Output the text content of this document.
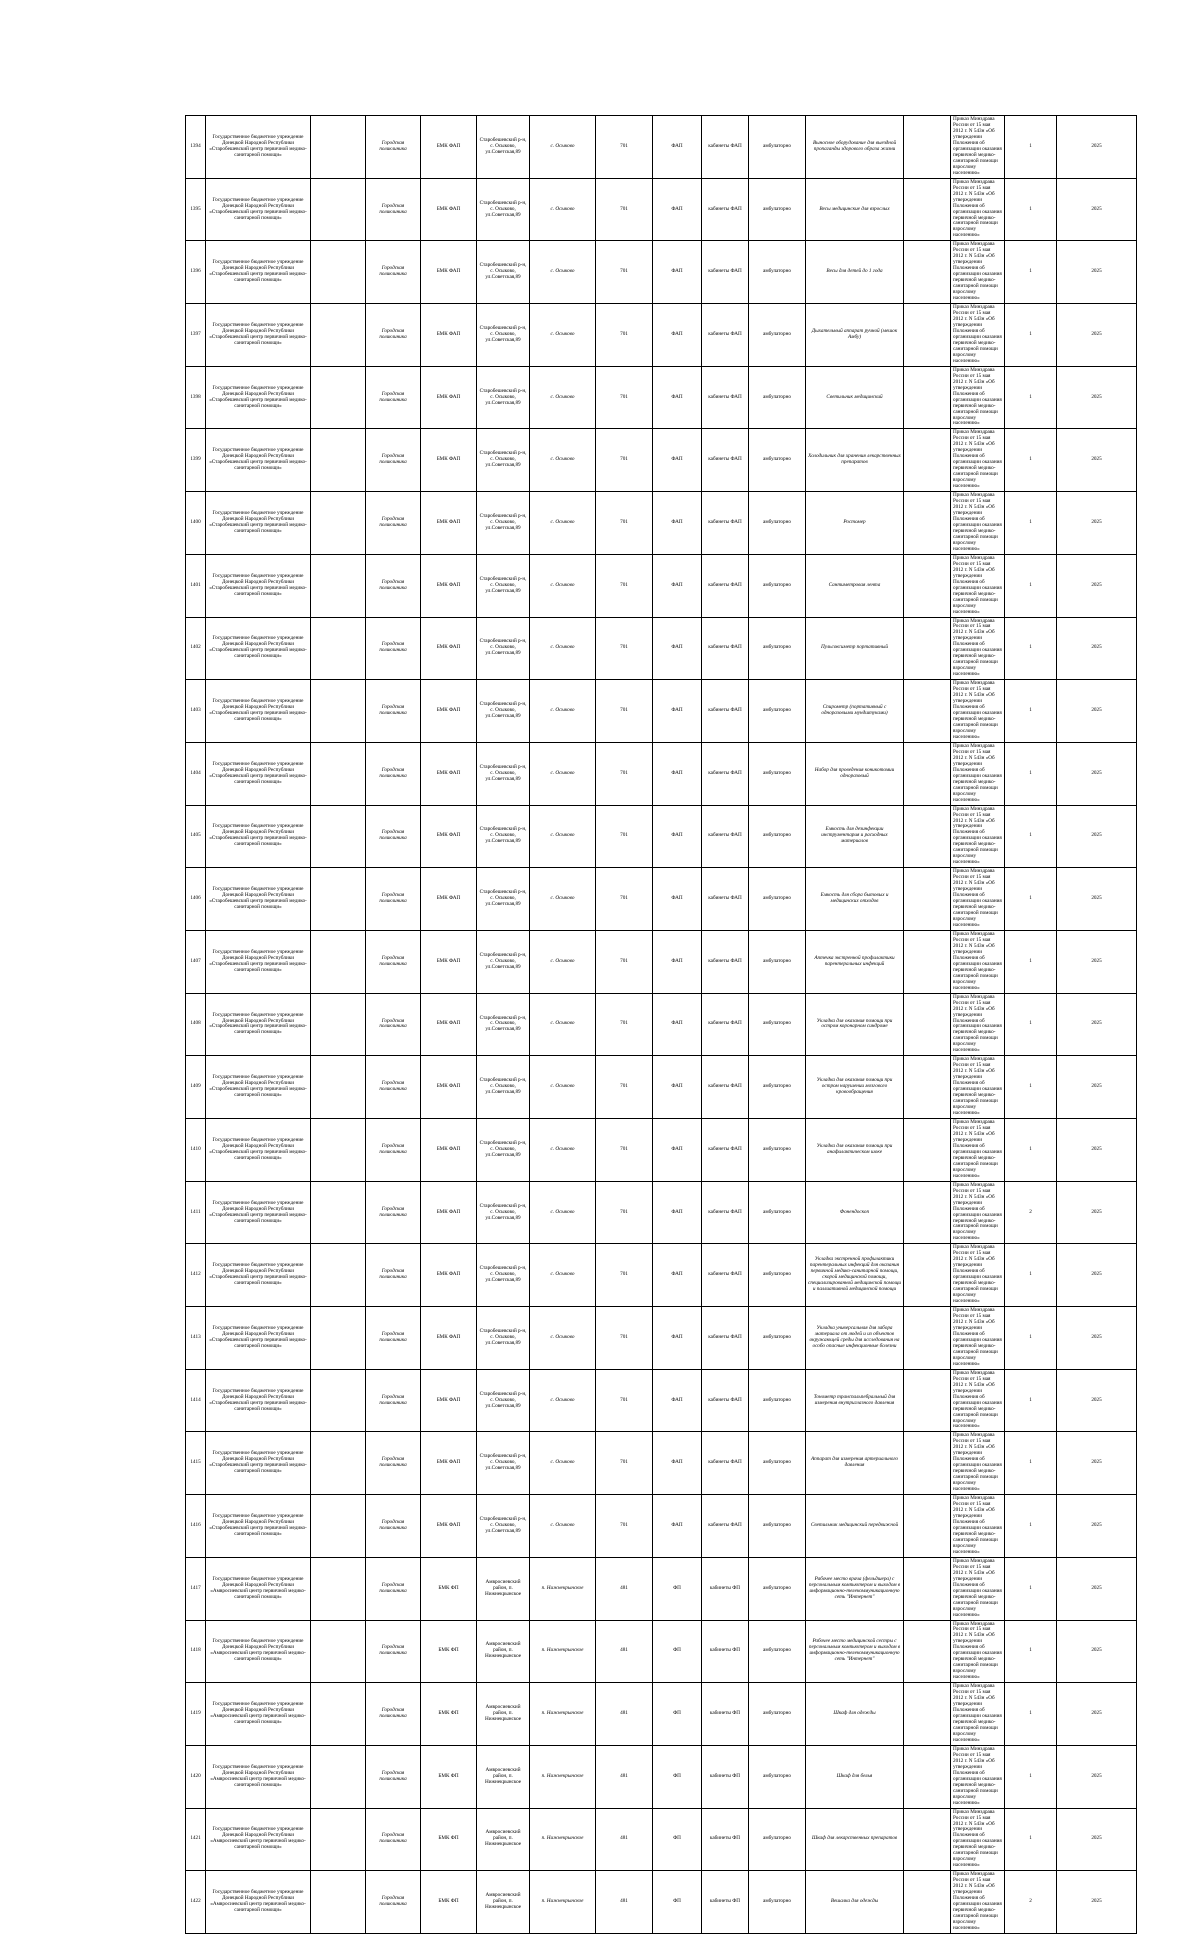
1394	Государственное бюджетное учреждение Донецкой Народной Республики «Старобешевский центр первичной медико-санитарной помощи»		Городская поликлиника	БМК ФАП	Старобешевский р-н, с. Осыково, ул.Советская,89	с. Осыково	701	ФАП	кабинеты ФАП	амбулаторно	Выносное оборудование для выездной пропаганды здорового образа жизни		Приказ Минздрава России от 15 мая 2012 г. N 543н «Об утверждении Положения об организации оказания первичной медико-санитарной помощи взрослому населению»	1	2025
1395	Государственное бюджетное учреждение Донецкой Народной Республики «Старобешевский центр первичной медико-санитарной помощи»		Городская поликлиника	БМК ФАП	Старобешевский р-н, с. Осыково, ул.Советская,89	с. Осыково	701	ФАП	кабинеты ФАП	амбулаторно	Весы медицинские для взрослых		Приказ Минздрава России от 15 мая 2012 г. N 543н «Об утверждении Положения об организации оказания первичной медико-санитарной помощи взрослому населению»	1	2025
1396	Государственное бюджетное учреждение Донецкой Народной Республики «Старобешевский центр первичной медико-санитарной помощи»		Городская поликлиника	БМК ФАП	Старобешевский р-н, с. Осыково, ул.Советская,89	с. Осыково	701	ФАП	кабинеты ФАП	амбулаторно	Весы для детей до 1 года		Приказ Минздрава России от 15 мая 2012 г. N 543н «Об утверждении Положения об организации оказания первичной медико-санитарной помощи взрослому населению»	1	2025
1397	Государственное бюджетное учреждение Донецкой Народной Республики «Старобешевский центр первичной медико-санитарной помощи»		Городская поликлиника	БМК ФАП	Старобешевский р-н, с. Осыково, ул.Советская,89	с. Осыково	701	ФАП	кабинеты ФАП	амбулаторно	Дыхательный аппарат ручной (мешок Амбу)		Приказ Минздрава России от 15 мая 2012 г. N 543н «Об утверждении Положения об организации оказания первичной медико-санитарной помощи взрослому населению»	1	2025
1398	Государственное бюджетное учреждение Донецкой Народной Республики «Старобешевский центр первичной медико-санитарной помощи»		Городская поликлиника	БМК ФАП	Старобешевский р-н, с. Осыково, ул.Советская,89	с. Осыково	701	ФАП	кабинеты ФАП	амбулаторно	Светильник медицинский		Приказ Минздрава России от 15 мая 2012 г. N 543н «Об утверждении Положения об организации оказания первичной медико-санитарной помощи взрослому населению»	1	2025
1399	Государственное бюджетное учреждение Донецкой Народной Республики «Старобешевский центр первичной медико-санитарной помощи»		Городская поликлиника	БМК ФАП	Старобешевский р-н, с. Осыково, ул.Советская,89	с. Осыково	701	ФАП	кабинеты ФАП	амбулаторно	Холодильник для хранения лекарственных препаратов		Приказ Минздрава России от 15 мая 2012 г. N 543н «Об утверждении Положения об организации оказания первичной медико-санитарной помощи взрослому населению»	1	2025
1400	Государственное бюджетное учреждение Донецкой Народной Республики «Старобешевский центр первичной медико-санитарной помощи»		Городская поликлиника	БМК ФАП	Старобешевский р-н, с. Осыково, ул.Советская,89	с. Осыково	701	ФАП	кабинеты ФАП	амбулаторно	Ростомер		Приказ Минздрава России от 15 мая 2012 г. N 543н «Об утверждении Положения об организации оказания первичной медико-санитарной помощи взрослому населению»	1	2025
1401	Государственное бюджетное учреждение Донецкой Народной Республики «Старобешевский центр первичной медико-санитарной помощи»		Городская поликлиника	БМК ФАП	Старобешевский р-н, с. Осыково, ул.Советская,89	с. Осыково	701	ФАП	кабинеты ФАП	амбулаторно	Сантиметровая лента		Приказ Минздрава России от 15 мая 2012 г. N 543н «Об утверждении Положения об организации оказания первичной медико-санитарной помощи взрослому населению»	1	2025
1402	Государственное бюджетное учреждение Донецкой Народной Республики «Старобешевский центр первичной медико-санитарной помощи»		Городская поликлиника	БМК ФАП	Старобешевский р-н, с. Осыково, ул.Советская,89	с. Осыково	701	ФАП	кабинеты ФАП	амбулаторно	Пульсоксиметр портативный		Приказ Минздрава России от 15 мая 2012 г. N 543н «Об утверждении Положения об организации оказания первичной медико-санитарной помощи взрослому населению»	1	2025
1403	Государственное бюджетное учреждение Донецкой Народной Республики «Старобешевский центр первичной медико-санитарной помощи»		Городская поликлиника	БМК ФАП	Старобешевский р-н, с. Осыково, ул.Советская,89	с. Осыково	701	ФАП	кабинеты ФАП	амбулаторно	Спирометр (портативный с одноразовыми мундштуками)		Приказ Минздрава России от 15 мая 2012 г. N 543н «Об утверждении Положения об организации оказания первичной медико-санитарной помощи взрослому населению»	1	2025
1404	Государственное бюджетное учреждение Донецкой Народной Республики «Старобешевский центр первичной медико-санитарной помощи»		Городская поликлиника	БМК ФАП	Старобешевский р-н, с. Осыково, ул.Советская,89	с. Осыково	701	ФАП	кабинеты ФАП	амбулаторно	Набор для проведения коникотомии одноразовый		Приказ Минздрава России от 15 мая 2012 г. N 543н «Об утверждении Положения об организации оказания первичной медико-санитарной помощи взрослому населению»	1	2025
1405	Государственное бюджетное учреждение Донецкой Народной Республики «Старобешевский центр первичной медико-санитарной помощи»		Городская поликлиника	БМК ФАП	Старобешевский р-н, с. Осыково, ул.Советская,89	с. Осыково	701	ФАП	кабинеты ФАП	амбулаторно	Емкость для дезинфекции инструментария и расходных материалов		Приказ Минздрава России от 15 мая 2012 г. N 543н «Об утверждении Положения об организации оказания первичной медико-санитарной помощи взрослому населению»	1	2025
1406	Государственное бюджетное учреждение Донецкой Народной Республики «Старобешевский центр первичной медико-санитарной помощи»		Городская поликлиника	БМК ФАП	Старобешевский р-н, с. Осыково, ул.Советская,89	с. Осыково	701	ФАП	кабинеты ФАП	амбулаторно	Емкость для сбора бытовых и медицинских отходов		Приказ Минздрава России от 15 мая 2012 г. N 543н «Об утверждении Положения об организации оказания первичной медико-санитарной помощи взрослому населению»	1	2025
1407	Государственное бюджетное учреждение Донецкой Народной Республики «Старобешевский центр первичной медико-санитарной помощи»		Городская поликлиника	БМК ФАП	Старобешевский р-н, с. Осыково, ул.Советская,89	с. Осыково	701	ФАП	кабинеты ФАП	амбулаторно	Аптечка экстренной профилактики парентеральных инфекций		Приказ Минздрава России от 15 мая 2012 г. N 543н «Об утверждении Положения об организации оказания первичной медико-санитарной помощи взрослому населению»	1	2025
1408	Государственное бюджетное учреждение Донецкой Народной Республики «Старобешевский центр первичной медико-санитарной помощи»		Городская поликлиника	БМК ФАП	Старобешевский р-н, с. Осыково, ул.Советская,89	с. Осыково	701	ФАП	кабинеты ФАП	амбулаторно	Укладка для оказания помощи при остром коронарном синдроме		Приказ Минздрава России от 15 мая 2012 г. N 543н «Об утверждении Положения об организации оказания первичной медико-санитарной помощи взрослому населению»	1	2025
1409	Государственное бюджетное учреждение Донецкой Народной Республики «Старобешевский центр первичной медико-санитарной помощи»		Городская поликлиника	БМК ФАП	Старобешевский р-н, с. Осыково, ул.Советская,89	с. Осыково	701	ФАП	кабинеты ФАП	амбулаторно	Укладка для оказания помощи при остром нарушении мозгового кровообращения		Приказ Минздрава России от 15 мая 2012 г. N 543н «Об утверждении Положения об организации оказания первичной медико-санитарной помощи взрослому населению»	1	2025
1410	Государственное бюджетное учреждение Донецкой Народной Республики «Старобешевский центр первичной медико-санитарной помощи»		Городская поликлиника	БМК ФАП	Старобешевский р-н, с. Осыково, ул.Советская,89	с. Осыково	701	ФАП	кабинеты ФАП	амбулаторно	Укладка для оказания помощи при анафилактическом шоке		Приказ Минздрава России от 15 мая 2012 г. N 543н «Об утверждении Положения об организации оказания первичной медико-санитарной помощи взрослому населению»	1	2025
1411	Государственное бюджетное учреждение Донецкой Народной Республики «Старобешевский центр первичной медико-санитарной помощи»		Городская поликлиника	БМК ФАП	Старобешевский р-н, с. Осыково, ул.Советская,89	с. Осыково	701	ФАП	кабинеты ФАП	амбулаторно	Фонендоскоп		Приказ Минздрава России от 15 мая 2012 г. N 543н «Об утверждении Положения об организации оказания первичной медико-санитарной помощи взрослому населению»	2	2025
1412	Государственное бюджетное учреждение Донецкой Народной Республики «Старобешевский центр первичной медико-санитарной помощи»		Городская поликлиника	БМК ФАП	Старобешевский р-н, с. Осыково, ул.Советская,89	с. Осыково	701	ФАП	кабинеты ФАП	амбулаторно	Укладка экстренной профилактики парентеральных инфекций для оказания первичной медико-санитарной помощи, скорой медицинской помощи, специализированной медицинской помощи и паллиативной медицинской помощи		Приказ Минздрава России от 15 мая 2012 г. N 543н «Об утверждении Положения об организации оказания первичной медико-санитарной помощи взрослому населению»	1	2025
1413	Государственное бюджетное учреждение Донецкой Народной Республики «Старобешевский центр первичной медико-санитарной помощи»		Городская поликлиника	БМК ФАП	Старобешевский р-н, с. Осыково, ул.Советская,89	с. Осыково	701	ФАП	кабинеты ФАП	амбулаторно	Укладка универсальная для забора материала от людей и из объектов окружающей среды для исследования на особо опасные инфекционные болезни		Приказ Минздрава России от 15 мая 2012 г. N 543н «Об утверждении Положения об организации оказания первичной медико-санитарной помощи взрослому населению»	1	2025
1414	Государственное бюджетное учреждение Донецкой Народной Республики «Старобешевский центр первичной медико-санитарной помощи»		Городская поликлиника	БМК ФАП	Старобешевский р-н, с. Осыково, ул.Советская,89	с. Осыково	701	ФАП	кабинеты ФАП	амбулаторно	Тонометр транспальпебральный для измерения внутриглазного давления		Приказ Минздрава России от 15 мая 2012 г. N 543н «Об утверждении Положения об организации оказания первичной медико-санитарной помощи взрослому населению»	1	2025
1415	Государственное бюджетное учреждение Донецкой Народной Республики «Старобешевский центр первичной медико-санитарной помощи»		Городская поликлиника	БМК ФАП	Старобешевский р-н, с. Осыково, ул.Советская,89	с. Осыково	701	ФАП	кабинеты ФАП	амбулаторно	Аппарат для измерения артериального давления		Приказ Минздрава России от 15 мая 2012 г. N 543н «Об утверждении Положения об организации оказания первичной медико-санитарной помощи взрослому населению»	1	2025
1416	Государственное бюджетное учреждение Донецкой Народной Республики «Старобешевский центр первичной медико-санитарной помощи»		Городская поликлиника	БМК ФАП	Старобешевский р-н, с. Осыково, ул.Советская,89	с. Осыково	701	ФАП	кабинеты ФАП	амбулаторно	Светильник медицинский передвижной		Приказ Минздрава России от 15 мая 2012 г. N 543н «Об утверждении Положения об организации оказания первичной медико-санитарной помощи взрослому населению»	1	2025
1417	Государственное бюджетное учреждение Донецкой Народной Республики «Амвросиевский центр первичной медико-санитарной помощи»		Городская поликлиника	БМК ФП	Амвросиевский район, п. Нижнекрынское	п. Нижнекрынское	481	ФП	кабинеты ФП	амбулаторно	Рабочее место врача (фельдшера) с персональным компьютером и выходом в информационно-телекоммуникационную сеть "Интернет"		Приказ Минздрава России от 15 мая 2012 г. N 543н «Об утверждении Положения об организации оказания первичной медико-санитарной помощи взрослому населению»	1	2025
1418	Государственное бюджетное учреждение Донецкой Народной Республики «Амвросиевский центр первичной медико-санитарной помощи»		Городская поликлиника	БМК ФП	Амвросиевский район, п. Нижнекрынское	п. Нижнекрынское	481	ФП	кабинеты ФП	амбулаторно	Рабочее место медицинской сестры с персональным компьютером и выходом в информационно-телекоммуникационную сеть "Интернет"		Приказ Минздрава России от 15 мая 2012 г. N 543н «Об утверждении Положения об организации оказания первичной медико-санитарной помощи взрослому населению»	1	2025
1419	Государственное бюджетное учреждение Донецкой Народной Республики «Амвросиевский центр первичной медико-санитарной помощи»		Городская поликлиника	БМК ФП	Амвросиевский район, п. Нижнекрынское	п. Нижнекрынское	481	ФП	кабинеты ФП	амбулаторно	Шкаф для одежды		Приказ Минздрава России от 15 мая 2012 г. N 543н «Об утверждении Положения об организации оказания первичной медико-санитарной помощи взрослому населению»	1	2025
1420	Государственное бюджетное учреждение Донецкой Народной Республики «Амвросиевский центр первичной медико-санитарной помощи»		Городская поликлиника	БМК ФП	Амвросиевский район, п. Нижнекрынское	п. Нижнекрынское	481	ФП	кабинеты ФП	амбулаторно	Шкаф для белья		Приказ Минздрава России от 15 мая 2012 г. N 543н «Об утверждении Положения об организации оказания первичной медико-санитарной помощи взрослому населению»	1	2025
1421	Государственное бюджетное учреждение Донецкой Народной Республики «Амвросиевский центр первичной медико-санитарной помощи»		Городская поликлиника	БМК ФП	Амвросиевский район, п. Нижнекрынское	п. Нижнекрынское	481	ФП	кабинеты ФП	амбулаторно	Шкаф для лекарственных препаратов		Приказ Минздрава России от 15 мая 2012 г. N 543н «Об утверждении Положения об организации оказания первичной медико-санитарной помощи взрослому населению»	1	2025
1422	Государственное бюджетное учреждение Донецкой Народной Республики «Амвросиевский центр первичной медико-санитарной помощи»		Городская поликлиника	БМК ФП	Амвросиевский район, п. Нижнекрынское	п. Нижнекрынское	481	ФП	кабинеты ФП	амбулаторно	Вешалка для одежды		Приказ Минздрава России от 15 мая 2012 г. N 543н «Об утверждении Положения об организации оказания первичной медико-санитарной помощи взрослому населению»	2	2025
